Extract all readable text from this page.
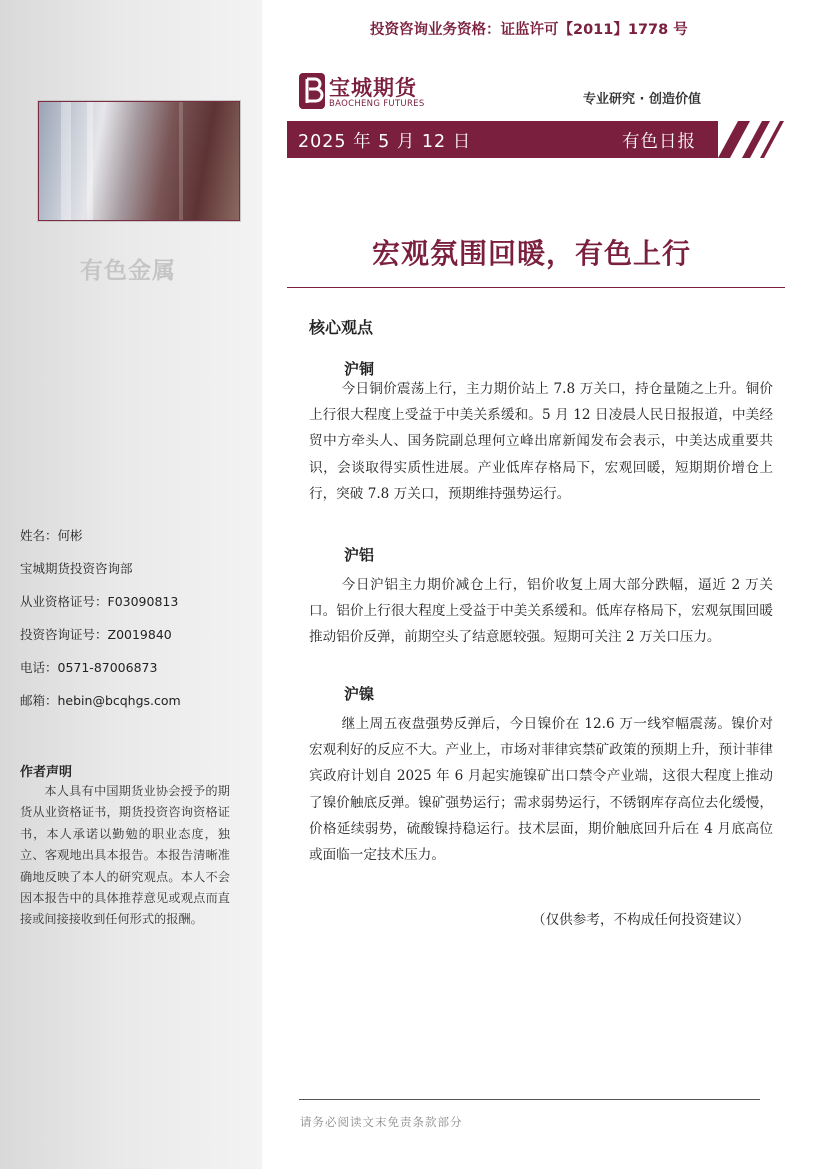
有色金属
姓名：何彬
宝城期货投资咨询部
从业资格证号：F03090813
投资咨询证号：Z0019840
电话：0571-87006873
邮箱：hebin@bcqhgs.com
作者声明
本人具有中国期货业协会授予的期货从业资格证书，期货投资咨询资格证书，本人承诺以勤勉的职业态度，独立、客观地出具本报告。本报告清晰准确地反映了本人的研究观点。本人不会因本报告中的具体推荐意见或观点而直接或间接接收到任何形式的报酬。
投资咨询业务资格：证监许可【2011】1778 号
宝城期货
BAOCHENG FUTURES	专业研究 · 创造价值
2025 年 5 月 12 日	有色日报
宏观氛围回暖，有色上行
核心观点
沪铜
今日铜价震荡上行，主力期价站上 7.8 万关口，持仓量随之上升。铜价上行很大程度上受益于中美关系缓和。5 月 12 日凌晨人民日报报道，中美经贸中方牵头人、国务院副总理何立峰出席新闻发布会表示，中美达成重要共识，会谈取得实质性进展。产业低库存格局下，宏观回暖，短期期价增仓上行，突破 7.8 万关口，预期维持强势运行。
沪铝
今日沪铝主力期价减仓上行，铝价收复上周大部分跌幅，逼近 2 万关口。铝价上行很大程度上受益于中美关系缓和。低库存格局下，宏观氛围回暖推动铝价反弹，前期空头了结意愿较强。短期可关注 2 万关口压力。
沪镍
继上周五夜盘强势反弹后，今日镍价在 12.6 万一线窄幅震荡。镍价对宏观利好的反应不大。产业上，市场对菲律宾禁矿政策的预期上升，预计菲律宾政府计划自 2025 年 6 月起实施镍矿出口禁令产业端，这很大程度上推动了镍价触底反弹。镍矿强势运行；需求弱势运行，不锈钢库存高位去化缓慢，价格延续弱势，硫酸镍持稳运行。技术层面，期价触底回升后在 4 月底高位或面临一定技术压力。
（仅供参考，不构成任何投资建议）
请务必阅读文末免责条款部分
